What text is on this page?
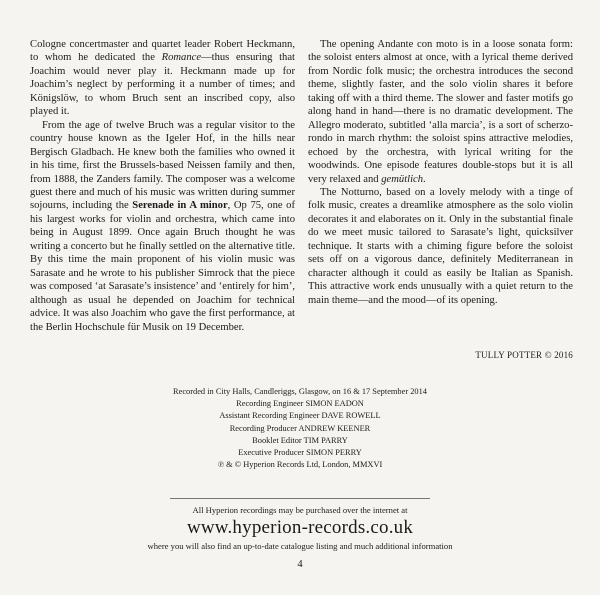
Cologne concertmaster and quartet leader Robert Heckmann, to whom he dedicated the Romance—thus ensuring that Joachim would never play it. Heckmann made up for Joachim’s neglect by performing it a number of times; and Königslöw, to whom Bruch sent an inscribed copy, also played it.

From the age of twelve Bruch was a regular visitor to the country house known as the Igeler Hof, in the hills near Bergisch Gladbach. He knew both the families who owned it in his time, first the Brussels-based Neissen family and then, from 1888, the Zanders family. The composer was a welcome guest there and much of his music was written during summer sojourns, including the Serenade in A minor, Op 75, one of his largest works for violin and orchestra, which came into being in August 1899. Once again Bruch thought he was writing a concerto but he finally settled on the alternative title. By this time the main proponent of his violin music was Sarasate and he wrote to his publisher Simrock that the piece was composed ‘at Sarasate’s insistence’ and ‘entirely for him’, although as usual he depended on Joachim for technical advice. It was also Joachim who gave the first performance, at the Berlin Hochschule für Musik on 19 December.

The opening Andante con moto is in a loose sonata form: the soloist enters almost at once, with a lyrical theme derived from Nordic folk music; the orchestra introduces the second theme, slightly faster, and the solo violin shares it before taking off with a third theme. The slower and faster motifs go along hand in hand—there is no dramatic development. The Allegro moderato, subtitled ‘alla marcia’, is a sort of scherzo-rondo in march rhythm: the soloist spins attractive melodies, echoed by the orchestra, with lyrical writing for the woodwinds. One episode features double-stops but it is all very relaxed and gemütlich.

The Notturno, based on a lovely melody with a tinge of folk music, creates a dreamlike atmosphere as the solo violin decorates it and elaborates on it. Only in the substantial finale do we meet music tailored to Sarasate’s light, quicksilver technique. It starts with a chiming figure before the soloist sets off on a vigorous dance, definitely Mediterranean in character although it could as easily be Italian as Spanish. This attractive work ends unusually with a quiet return to the main theme—and the mood—of its opening.

TULLY POTTER © 2016
Recorded in City Halls, Candleriggs, Glasgow, on 16 & 17 September 2014
Recording Engineer SIMON EADON
Assistant Recording Engineer DAVE ROWELL
Recording Producer ANDREW KEENER
Booklet Editor TIM PARRY
Executive Producer SIMON PERRY
℗ & © Hyperion Records Ltd, London, MMXVI
All Hyperion recordings may be purchased over the internet at
www.hyperion-records.co.uk
where you will also find an up-to-date catalogue listing and much additional information
4
